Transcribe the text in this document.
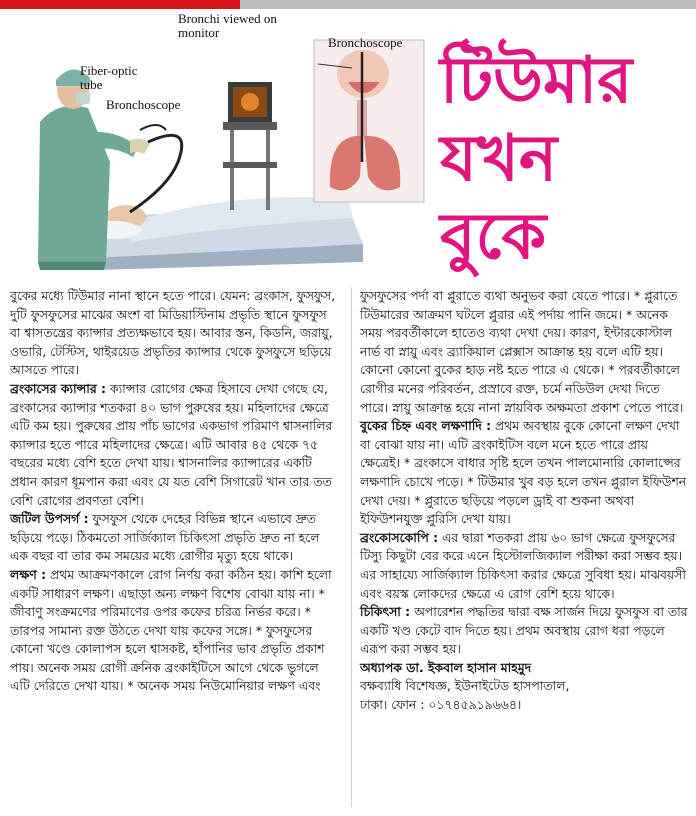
Bronchi viewed on monitor
Fiber-optic tube
Bronchoscope
Bronchoscope
টিউমার
যখন
বুকে

বুকের মধ্যে টিউমার নানা স্থানে হতে পারে। যেমন: ব্রংকাস, ফুসফুস, দুটি ফুসফুসের মাঝের অংশ বা মিডিয়াস্টিনাম প্রভৃতি স্থানে ফুসফুস বা শ্বাসতন্ত্রের ক্যান্সার প্রত্যক্ষভাবে হয়। আবার স্তন, কিডনি, জরায়ু, ওভারি, টেস্টিস, থাইরয়েড প্রভৃতির ক্যান্সার থেকে ফুসফুসে ছড়িয়ে আসতে পারে।

ব্রংকাসের ক্যান্সার : ক্যান্সার রোগের ক্ষেত্র হিসাবে দেখা গেছে যে, ব্রংকাসের ক্যান্সার শতকরা ৪০ ভাগ পুরুষের হয়। মহিলাদের ক্ষেত্রে এটি কম হয়। পুরুষের প্রায় পাঁচ ভাগের একভাগ পরিমাণ শ্বাসনালির ক্যান্সার হতে পারে মহিলাদের ক্ষেত্রে। এটি আবার ৪৫ থেকে ৭৫ বছরের মধ্যে বেশি হতে দেখা যায়। শ্বাসনালির ক্যান্সারের একটি প্রধান কারণ ধূমপান করা এবং যে যত বেশি সিগারেট খান তার তত বেশি রোগের প্রবণতা বেশি।

জটিল উপসর্গ : ফুসফুস থেকে দেহের বিভিন্ন স্থানে এভাবে দ্রুত ছড়িয়ে পড়ে। ঠিকমতো সার্জিক্যাল চিকিৎসা প্রভৃতি দ্রুত না হলে এক বছর বা তার কম সময়ের মধ্যে রোগীর মৃত্যু হয়ে থাকে।

লক্ষণ : প্রথম আক্রমণকালে রোগ নির্ণয় করা কঠিন হয়। কাশি হলো একটি সাধারণ লক্ষণ। এছাড়া অন্য লক্ষণ বিশেষ বোঝা যায় না। * জীবাণু সংক্রমণের পরিমাণের ওপর কফের চরিত্র নির্ভর করে। * তারপর সামান্য রক্ত উঠতে দেখা যায় কফের সঙ্গে। * ফুসফুসের কোনো খণ্ডে কোলাপস হলে শ্বাসকষ্ট, হাঁপানির ভাব প্রভৃতি প্রকাশ পায়। অনেক সময় রোগী ক্রনিক ব্রংকাইটিসে আগে থেকে ভুগলে এটি দেরিতে দেখা যায়। * অনেক সময় নিউমোনিয়ার লক্ষণ এবং

ফুসফুসের পর্দা বা প্লুরাতে ব্যথা অনুভব করা যেতে পারে। * প্লুরাতে টিউমারের আক্রমণ ঘটলে প্লুরার এই পর্দায় পানি জমে। * অনেক সময় পরবর্তীকালে হাতেও ব্যথা দেখা দেয়। কারণ, ইন্টারকোস্টাল নার্ভ বা স্নায়ু এবং ব্র্যাকিয়াল প্লেক্সাস আক্রান্ত হয় বলে এটি হয়। কোনো কোনো বুকের হাড় নষ্ট হতে পারে এ থেকে। * পরবর্তীকালে রোগীর মনের পরিবর্তন, প্রস্রাবে রক্ত, চর্মে নডিউল দেখা দিতে পারে। স্নায়ু আক্রান্ত হয়ে নানা স্নায়বিক অক্ষমতা প্রকাশ পেতে পারে।

বুকের চিহ্ন এবং লক্ষণাদি : প্রথম অবস্থায় বুকে কোনো লক্ষণ দেখা বা বোঝা যায় না। এটি ব্রংকাইটিস বলে মনে হতে পারে প্রায় ক্ষেত্রেই। * ব্রংকাসে বাধার সৃষ্টি হলে তখন পালমোনারি কোলাপ্সের লক্ষণাদি চোখে পড়ে। * টিউমার খুব বড় হলে তখন প্লুরাল ইফিউশন দেখা দেয়। * প্লুরাতে ছড়িয়ে পড়লে ড্রাই বা শুকনা অথবা ইফিউশনযুক্ত প্লুরিসি দেখা যায়।

ব্রংকোসকোপি : এর দ্বারা শতকরা প্রায় ৬০ ভাগ ক্ষেত্রে ফুসফুসের টিস্যু কিছুটা বের করে এনে হিস্টোলজিক্যাল পরীক্ষা করা সম্ভব হয়। এর সাহায্যে সার্জিক্যাল চিকিৎসা করার ক্ষেত্রে সুবিধা হয়। মাঝবয়সী এবং বয়স্ক লোকদের ক্ষেত্রে এ রোগ বেশি হয়ে থাকে।

চিকিৎসা : অপারেশন পদ্ধতির দ্বারা বক্ষ সার্জন দিয়ে ফুসফুস বা তার একটি খণ্ড কেটে বাদ দিতে হয়। প্রথম অবস্থায় রোগ ধরা পড়লে এরূপ করা সম্ভব হয়।

অধ্যাপক ডা. ইকবাল হাসান মাহমুদ

বক্ষব্যাধি বিশেষজ্ঞ, ইউনাইটেড হাসপাতাল,

ঢাকা। ফোন : ০১৭৪৫৯১৯৬৬৪।
